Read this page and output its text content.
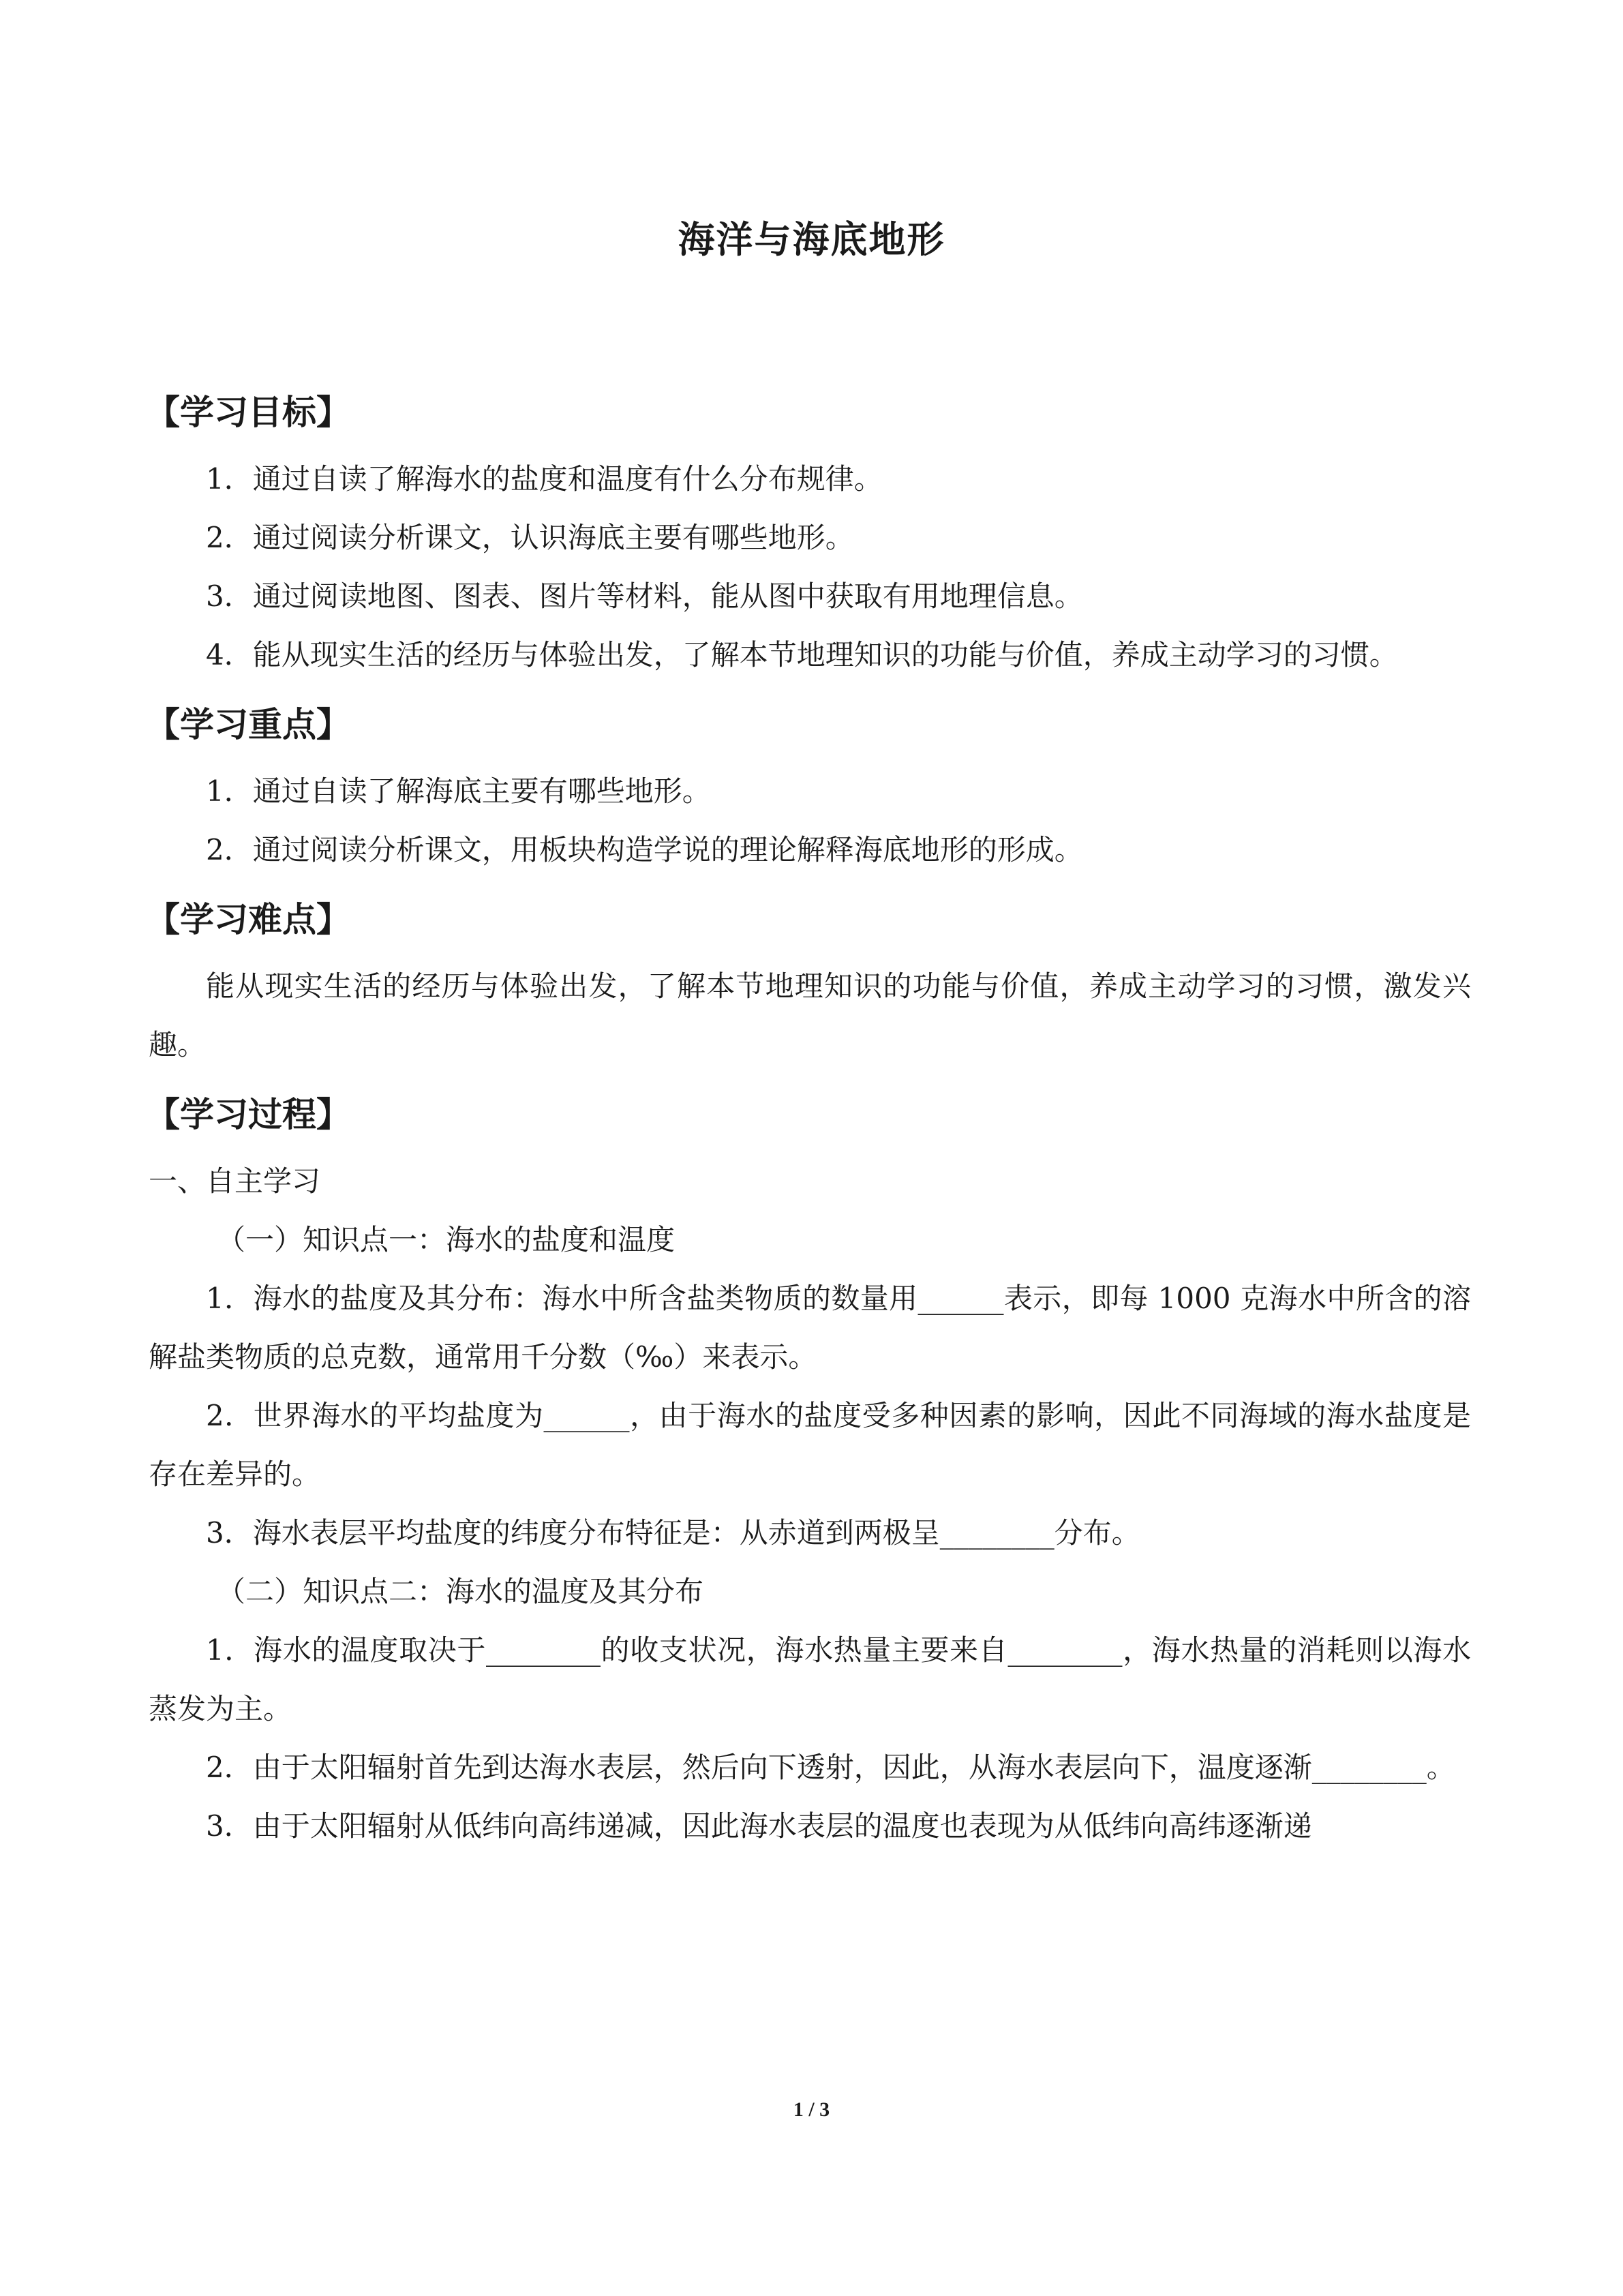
海洋与海底地形
【学习目标】

1．通过自读了解海水的盐度和温度有什么分布规律。

2．通过阅读分析课文，认识海底主要有哪些地形。

3．通过阅读地图、图表、图片等材料，能从图中获取有用地理信息。

4．能从现实生活的经历与体验出发，了解本节地理知识的功能与价值，养成主动学习的习惯。

【学习重点】

1．通过自读了解海底主要有哪些地形。

2．通过阅读分析课文，用板块构造学说的理论解释海底地形的形成。

【学习难点】

能从现实生活的经历与体验出发，了解本节地理知识的功能与价值，养成主动学习的习惯，激发兴趣。

【学习过程】

一、自主学习

（一）知识点一：海水的盐度和温度

1．海水的盐度及其分布：海水中所含盐类物质的数量用______表示，即每 1000 克海水中所含的溶解盐类物质的总克数，通常用千分数（‰）来表示。

2．世界海水的平均盐度为______，由于海水的盐度受多种因素的影响，因此不同海域的海水盐度是存在差异的。

3．海水表层平均盐度的纬度分布特征是：从赤道到两极呈________分布。

（二）知识点二：海水的温度及其分布

1．海水的温度取决于________的收支状况，海水热量主要来自________，海水热量的消耗则以海水蒸发为主。

2．由于太阳辐射首先到达海水表层，然后向下透射，因此，从海水表层向下，温度逐渐________。

3．由于太阳辐射从低纬向高纬递减，因此海水表层的温度也表现为从低纬向高纬逐渐递

1 / 3
